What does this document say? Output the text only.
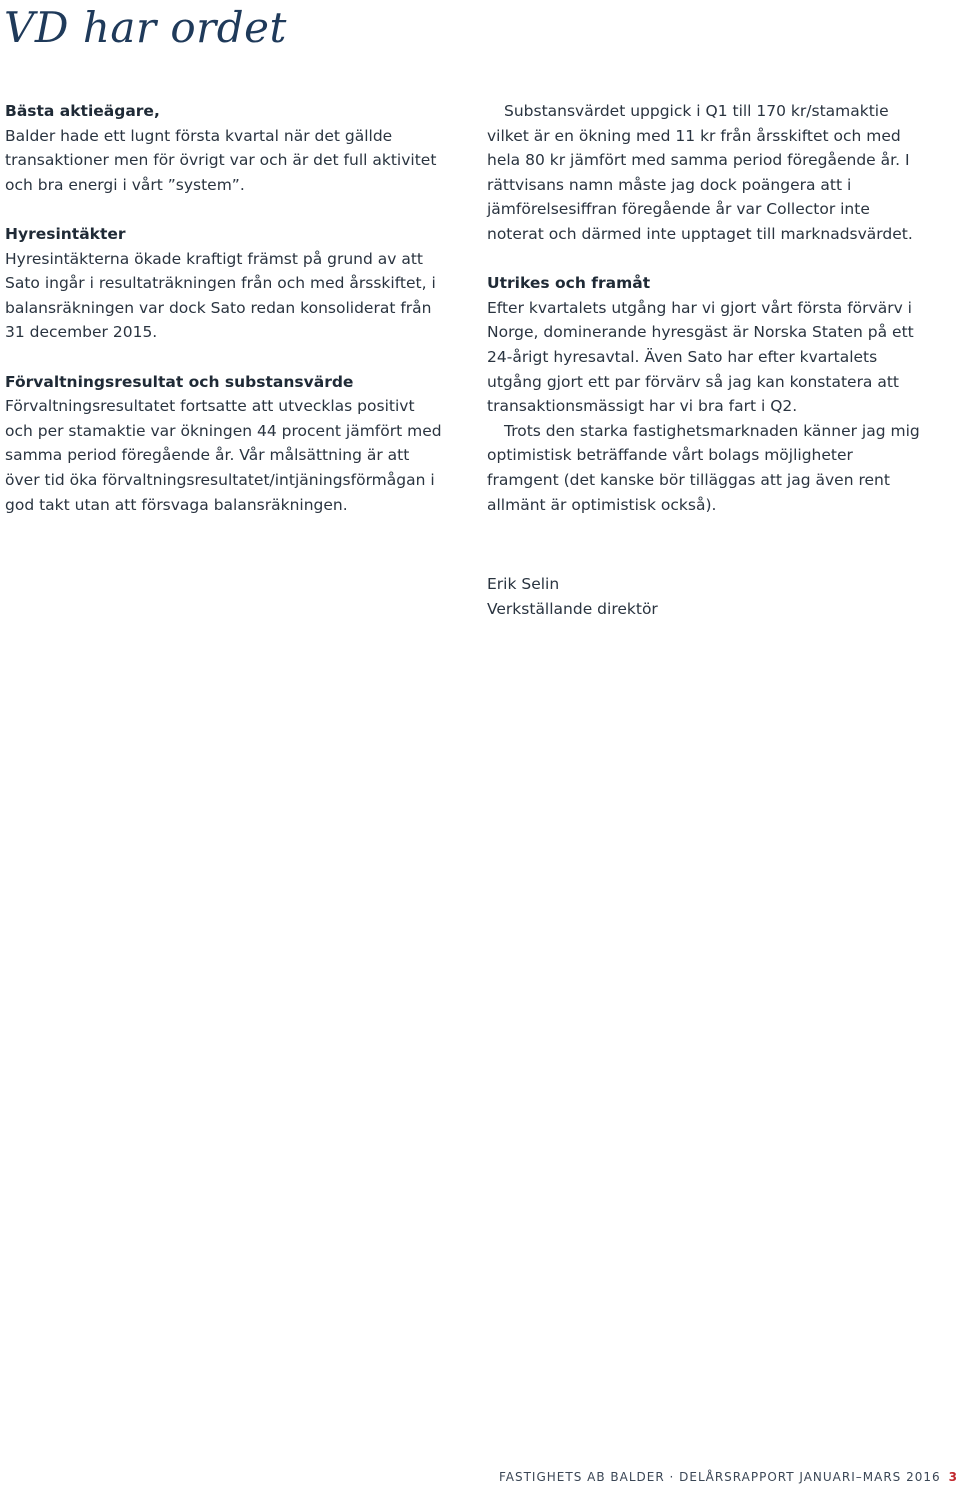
VD har ordet

Bästa aktieägare,
Balder hade ett lugnt första kvartal när det gällde transaktioner men för övrigt var och är det full aktivitet och bra energi i vårt ”system”.

Hyresintäkter
Hyresintäkterna ökade kraftigt främst på grund av att Sato ingår i resultaträkningen från och med årsskiftet, i balansräkningen var dock Sato redan konsoliderat från 31 december 2015.

Förvaltningsresultat och substansvärde
Förvaltningsresultatet fortsatte att utvecklas positivt och per stamaktie var ökningen 44 procent jämfört med samma period föregående år. Vår målsättning är att över tid öka förvaltningsresultatet/intjäningsförmågan i god takt utan att försvaga balansräkningen.

Substansvärdet uppgick i Q1 till 170 kr/stamaktie vilket är en ökning med 11 kr från årsskiftet och med hela 80 kr jämfört med samma period föregående år. I rättvisans namn måste jag dock poängera att i jämförelsesiffran föregående år var Collector inte noterat och därmed inte upptaget till marknadsvärdet.

Utrikes och framåt
Efter kvartalets utgång har vi gjort vårt första förvärv i Norge, dominerande hyresgäst är Norska Staten på ett 24-årigt hyresavtal. Även Sato har efter kvartalets utgång gjort ett par förvärv så jag kan konstatera att transaktionsmässigt har vi bra fart i Q2.

Trots den starka fastighetsmarknaden känner jag mig optimistisk beträffande vårt bolags möjligheter framgent (det kanske bör tilläggas att jag även rent allmänt är optimistisk också).

Erik Selin

Verkställande direktör

FASTIGHETS AB BALDER · DELÅRSRAPPORT JANUARI–MARS 2016 3
